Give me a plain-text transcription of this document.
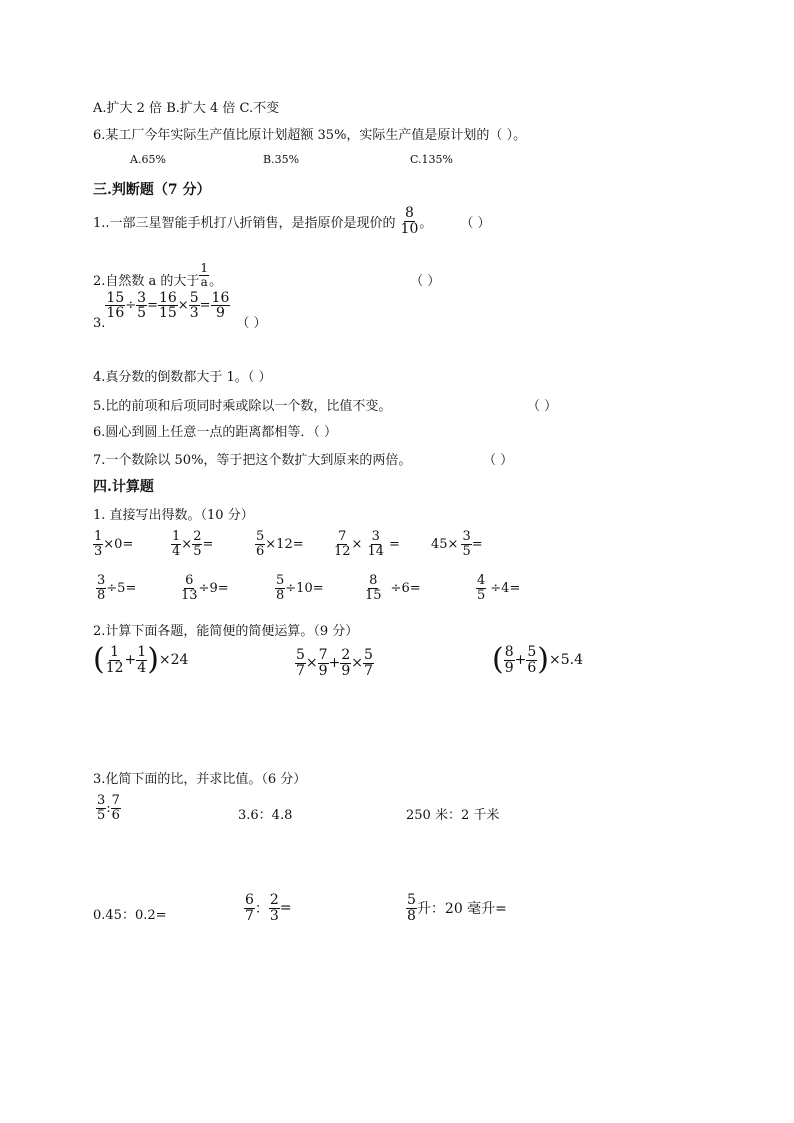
A.扩大 2 倍 B.扩大 4 倍 C.不变
6.某工厂今年实际生产值比原计划超额 35%，实际生产值是原计划的（ ）。
A.65%	B.35%	C.135%
三.判断题（7 分）
1..一部三星智能手机打八折销售，是指原价是现价的 $\frac{8}{10}$ 。 （ ）
2.自然数 a 的大于 $\frac{1}{a}$ 。	（ ）
3.
$\frac{15}{16} \div \frac{3}{5} = \frac{16}{15} \times \frac{5}{3} = \frac{16}{9}$
（ ）
4.真分数的倒数都大于 1。（ ）
5.比的前项和后项同时乘或除以一个数，比值不变。	（ ）
6.圆心到圆上任意一点的距离都相等．（ ）
7.一个数除以 50%，等于把这个数扩大到原来的两倍。	（ ）
四.计算题
1. 直接写出得数。（10 分）
$\frac{1}{3} \times 0=$	$\frac{1}{4} \times \frac{2}{5}$ =	$\frac{5}{6} \times 12= \frac{7}{12} \times \frac{3}{14} = 45\times \frac{3}{5}$ =
$\frac{3}{8} \div 5=$	$\frac{6}{13} \div 9=$	$\frac{5}{8} \div 10=$	$\frac{8}{15} \div 6=$	$\frac{4}{5} \div 4=$
2.计算下面各题，能简便的简便运算。（9 分）
( $\frac{1}{12} + \frac{1}{4}$ ) ×24	$\frac{5}{7} \times \frac{7}{9} + \frac{2}{9} \times \frac{5}{7}$	( $\frac{8}{9} + \frac{5}{6}$ ) ×5.4
3.化简下面的比，并求比值。（6 分）
$\frac{3}{5}$ : $\frac{7}{6}$	3.6：4.8	250 米：2 千米
0.45：0.2=	$\frac{6}{7}$ ： $\frac{2}{3}$ =	$\frac{5}{8}$ 升：20 毫升=
